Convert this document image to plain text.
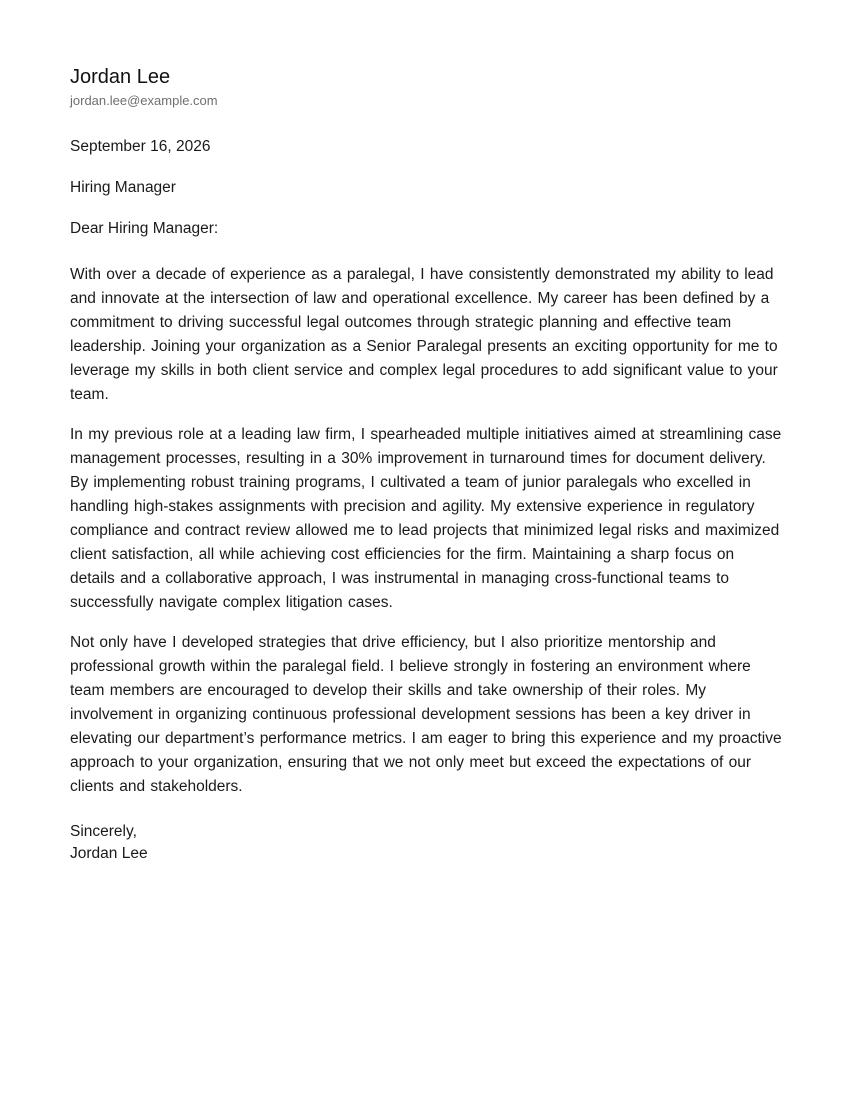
Jordan Lee
jordan.lee@example.com
September 16, 2026
Hiring Manager
Dear Hiring Manager:

With over a decade of experience as a paralegal, I have consistently demonstrated my ability to lead and innovate at the intersection of law and operational excellence. My career has been defined by a commitment to driving successful legal outcomes through strategic planning and effective team leadership. Joining your organization as a Senior Paralegal presents an exciting opportunity for me to leverage my skills in both client service and complex legal procedures to add significant value to your team.

In my previous role at a leading law firm, I spearheaded multiple initiatives aimed at streamlining case management processes, resulting in a 30% improvement in turnaround times for document delivery. By implementing robust training programs, I cultivated a team of junior paralegals who excelled in handling high-stakes assignments with precision and agility. My extensive experience in regulatory compliance and contract review allowed me to lead projects that minimized legal risks and maximized client satisfaction, all while achieving cost efficiencies for the firm. Maintaining a sharp focus on details and a collaborative approach, I was instrumental in managing cross-functional teams to successfully navigate complex litigation cases.

Not only have I developed strategies that drive efficiency, but I also prioritize mentorship and professional growth within the paralegal field. I believe strongly in fostering an environment where team members are encouraged to develop their skills and take ownership of their roles. My involvement in organizing continuous professional development sessions has been a key driver in elevating our department’s performance metrics. I am eager to bring this experience and my proactive approach to your organization, ensuring that we not only meet but exceed the expectations of our clients and stakeholders.

Sincerely,
Jordan Lee
